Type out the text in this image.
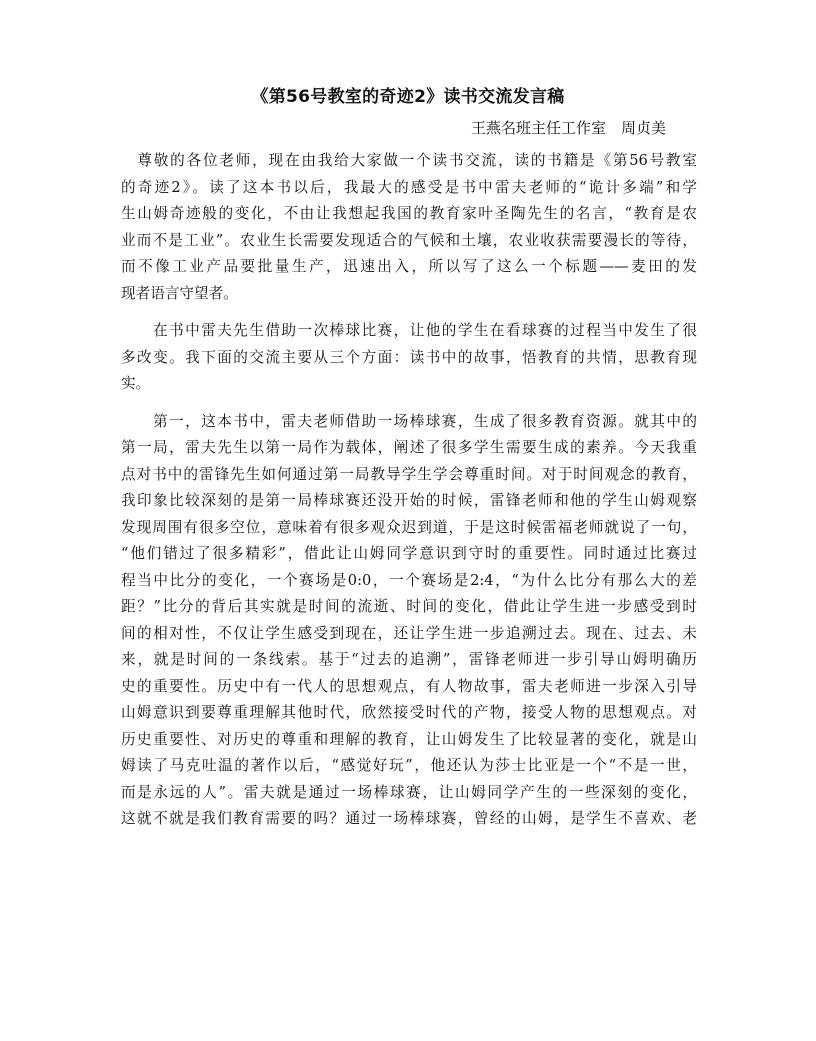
《第56号教室的奇迹2》读书交流发言稿
王燕名班主任工作室　周贞美
　尊敬的各位老师，现在由我给大家做一个读书交流，读的书籍是《第56号教室
的奇迹2》。读了这本书以后，我最大的感受是书中雷夫老师的“诡计多端”和学
生山姆奇迹般的变化，不由让我想起我国的教育家叶圣陶先生的名言，“教育是农
业而不是工业”。农业生长需要发现适合的气候和土壤，农业收获需要漫长的等待，
而不像工业产品要批量生产，迅速出入，所以写了这么一个标题——麦田的发
现者语言守望者。
　　在书中雷夫先生借助一次棒球比赛，让他的学生在看球赛的过程当中发生了很
多改变。我下面的交流主要从三个方面：读书中的故事，悟教育的共情，思教育现
实。
　　第一，这本书中，雷夫老师借助一场棒球赛，生成了很多教育资源。就其中的
第一局，雷夫先生以第一局作为载体，阐述了很多学生需要生成的素养。今天我重
点对书中的雷锋先生如何通过第一局教导学生学会尊重时间。对于时间观念的教育，
我印象比较深刻的是第一局棒球赛还没开始的时候，雷锋老师和他的学生山姆观察
发现周围有很多空位，意味着有很多观众迟到道，于是这时候雷福老师就说了一句，
“他们错过了很多精彩”，借此让山姆同学意识到守时的重要性。同时通过比赛过
程当中比分的变化，一个赛场是0:0，一个赛场是2:4，“为什么比分有那么大的差
距？”比分的背后其实就是时间的流逝、时间的变化，借此让学生进一步感受到时
间的相对性，不仅让学生感受到现在，还让学生进一步追溯过去。现在、过去、未
来，就是时间的一条线索。基于“过去的追溯”，雷锋老师进一步引导山姆明确历
史的重要性。历史中有一代人的思想观点，有人物故事，雷夫老师进一步深入引导
山姆意识到要尊重理解其他时代，欣然接受时代的产物，接受人物的思想观点。对
历史重要性、对历史的尊重和理解的教育，让山姆发生了比较显著的变化，就是山
姆读了马克吐温的著作以后，“感觉好玩”，他还认为莎士比亚是一个“不是一世，
而是永远的人”。雷夫就是通过一场棒球赛，让山姆同学产生的一些深刻的变化，
这就不就是我们教育需要的吗？通过一场棒球赛，曾经的山姆，是学生不喜欢、老
